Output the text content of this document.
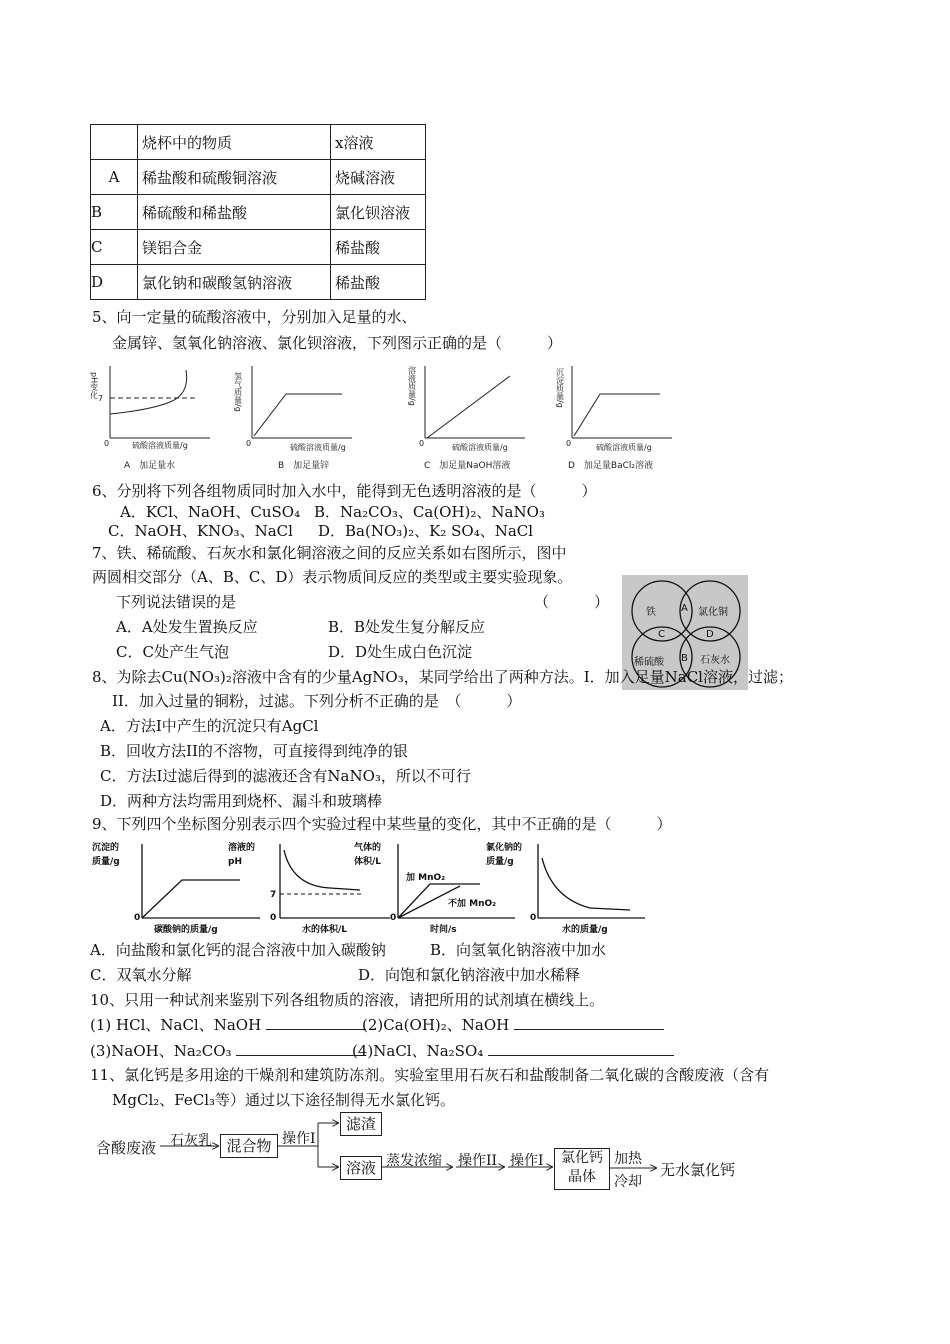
	烧杯中的物质	x溶液
A	稀盐酸和硫酸铜溶液	烧碱溶液
B	稀硫酸和稀盐酸	氯化钡溶液
C	镁铝合金	稀盐酸
D	氯化钠和碳酸氢钠溶液	稀盐酸
5、向一定量的硫酸溶液中，分别加入足量的水、
金属锌、氢氧化钠溶液、氯化钡溶液，下列图示正确的是（　　　）
pH变化 7
0	硫酸溶液质量/g
A　加足量水
氢气质量/g
0	硫酸溶液质量/g
B　加足量锌
溶液质量/g
0	硫酸溶液质量/g
C　加足量NaOH溶液
沉淀质量/g
0	硫酸溶液质量/g
D　加足量BaCl₂溶液
6、分别将下列各组物质同时加入水中，能得到无色透明溶液的是（　　　）
A．KCl、NaOH、CuSO₄ B．Na₂CO₃、Ca(OH)₂、NaNO₃
C．NaOH、KNO₃、NaCl D．Ba(NO₃)₂、K₂ SO₄、NaCl
7、铁、稀硫酸、石灰水和氯化铜溶液之间的反应关系如右图所示，图中
两圆相交部分（A、B、C、D）表示物质间反应的类型或主要实验现象。
下列说法错误的是	（　　　）
A．A处发生置换反应	B．B处发生复分解反应
C．C处产生气泡	D．D处生成白色沉淀
铁	氯化铜
稀硫酸	石灰水
A
C	D
B
8、为除去Cu(NO₃)₂溶液中含有的少量AgNO₃，某同学给出了两种方法。I．加入足量NaCl溶液，过滤；
II．加入过量的铜粉，过滤。下列分析不正确的是　（　　　）
A．方法I中产生的沉淀只有AgCl
B．回收方法II的不溶物，可直接得到纯净的银
C．方法I过滤后得到的滤液还含有NaNO₃，所以不可行
D．两种方法均需用到烧杯、漏斗和玻璃棒
9、下列四个坐标图分别表示四个实验过程中某些量的变化，其中不正确的是（　　　）
沉淀的
质量/g
0
碳酸钠的质量/g
溶液的
pH
7
0
水的体积/L
气体的
体积/L
0
加 MnO₂
不加 MnO₂
时间/s
氯化钠的
质量/g
0
水的质量/g
A．向盐酸和氯化钙的混合溶液中加入碳酸钠	B．向氢氧化钠溶液中加水
C．双氧水分解	D．向饱和氯化钠溶液中加水稀释
10、只用一种试剂来鉴别下列各组物质的溶液，请把所用的试剂填在横线上。
(1) HCl、NaCl、NaOH	(2)Ca(OH)₂、NaOH
(3)NaOH、Na₂CO₃	(4)NaCl、Na₂SO₄
11、氯化钙是多用途的干燥剂和建筑防冻剂。实验室里用石灰石和盐酸制备二氧化碳的含酸废液（含有
MgCl₂、FeCl₃等）通过以下途径制得无水氯化钙。
含酸废液 石灰乳 混合物 操作I
滤渣
溶液 蒸发浓缩 操作II 操作I	氯化钙
晶体
加热
冷却
无水氯化钙
